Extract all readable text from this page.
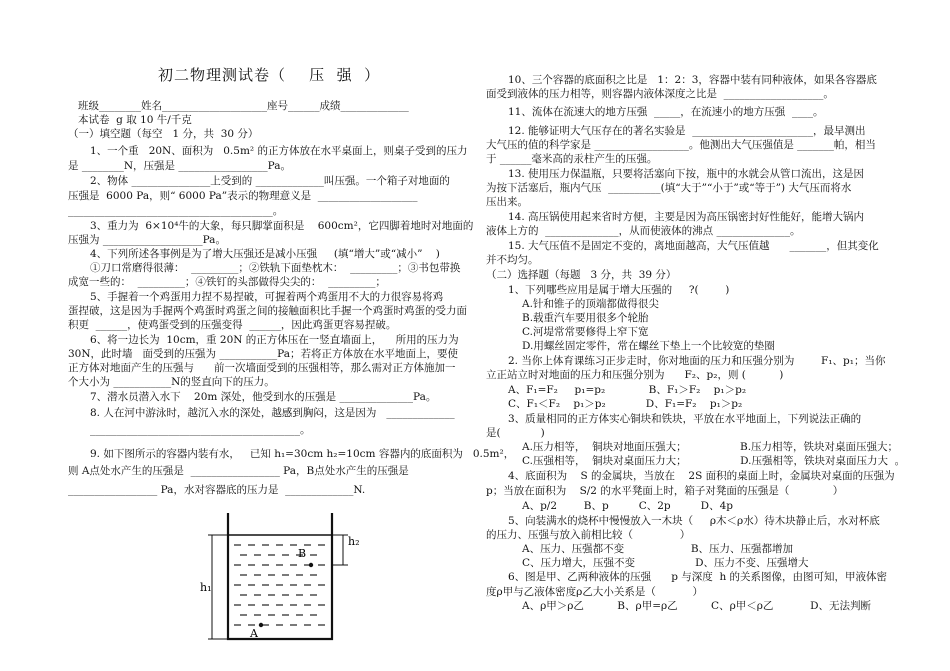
初二物理测试卷（    压  强  ）
班级________姓名____________________座号______成绩_____________
本试卷  g 取 10 牛/千克
（一）填空题（每空   1 分，共  30 分）
1、一个重   20N、面积为   0.5m² 的正方体放在水平桌面上，则桌子受到的压力
是 ________N，压强是 _________________Pa。
2、物体 _______________上受到的 _____________叫压强。一个箱子对地面的
压强是  6000 Pa，则“ 6000 Pa”表示的物理意义是  ___________________
_______________________________________。
3、重力为  6×10⁴牛的大象，每只脚掌面积是    600cm²，它四脚着地时对地面的
压强为 ___________________Pa。
4、下列所述各事例是为了增大压强还是减小压强     (填“增大”或“减小”    )
①刀口常磨得很薄：  _________；②铁轨下面垫枕木：  _________；③书包带换
成宽一些的：  _________；④铁钉的头部做得尖尖的：  _________；
5、手握着一个鸡蛋用力捏不易捏破，可握着两个鸡蛋用不大的力很容易将鸡
蛋捏破，这是因为手握两个鸡蛋时鸡蛋之间的接触面积比手握一个鸡蛋时鸡蛋的受力面
积更  ______，使鸡蛋受到的压强变得  ______，因此鸡蛋更容易捏破。
6、将一边长为  10cm，重 20N 的正方体压在一竖直墙面上，    所用的压力为
30N，此时墙   面受到的压强为 ___________Pa；若将正方体放在水平地面上，要使
正方体对地面产生的压强与      前一次墙面受到的压强相等，那么需对正方体施加一
个大小为 ___________N的竖直向下的压力。
7、潜水员潜入水下    20m 深处，他受到水的压强是 ______________Pa。
8. 人在河中游泳时，越沉入水的深处，越感到胸闷，这是因为   _____________
________________________________________。
9. 如下图所示的容器内装有水，   已知 h₁=30cm h₂=10cm 容器内的底面积为   0.5m²，
则 A点处水产生的压强是  _________________ Pa，B点处水产生的压强是
_________________ Pa，水对容器底的压力是  _____________N.
10、三个容器的底面积之比是   1：2：3，容器中装有同种液体，如果各容器底
面受到液体的压力相等，则容器内液体深度之比是  ___________________。
11、流体在流速大的地方压强  _____，在流速小的地方压强  ____。
12. 能够证明大气压存在的著名实验是  _______________________，最早测出
大气压的值的科学家是 __________________。他测出大气压强值是 _______帕，相当
于 ______毫米高的汞柱产生的压强。
13. 使用压力保温瓶，只要将活塞向下按，瓶中的水就会从管口流出，这是因
为按下活塞后，瓶内气压  __________(填“大于”“小于”或“等于”) 大气压而将水
压出来。
14. 高压锅使用起来省时方便，主要是因为高压锅密封好性能好，能增大锅内
液体上方的  ______________，从而使液体的沸点 ______________。
15. 大气压值不是固定不变的，离地面越高，大气压值越      _______，但其变化
并不均匀。
（二）选择题（每题   3 分，共  39 分）
1、下列哪些应用是属于增大压强的     ?(        )
A.针和锥子的顶端都做得很尖
B.载重汽车要用很多个轮胎
C.河堤常常要修得上窄下宽
D.用螺丝固定零件，常在螺丝下垫上一个比较宽的垫圈
2. 当你上体育课练习正步走时，你对地面的压力和压强分别为        F₁、p₁；当你
立正站立时对地面的压力和压强分别为      F₂、p₂，则 (          )
A、F₁=F₂     p₁=p₂             B、F₁＞F₂    p₁＞p₂
C、F₁＜F₂    p₁＞p₂            D、F₁=F₂    p₁＞p₂
3、质量相同的正方体实心铜块和铁块，平放在水平地面上，下列说法正确的
是(            )
A.压力相等，  铜块对地面压强大；                B.压力相等，铁块对桌面压强大；
C.压强相等，  铜块对桌面压力大；                D.压强相等，铁块对桌面压力大  。
4、底面积为    S 的金属块，当放在    2S 面积的桌面上时，金属块对桌面的压强为
p；当放在面积为    S/2 的水平凳面上时，箱子对凳面的压强是（             ）
A、p/2        B、p         C、2p         D、4p
5、向装满水的烧杯中慢慢放入一木块（     ρ木＜ρ水）待木块静止后，水对杯底
的压力、压强与放入前相比较（              ）
A、压力、压强都不变                    B、压力、压强都增加
C、压力增大，压强不变                  D、压力不变、压强增大
6、图是甲、乙两种液体的压强      p 与深度  h 的关系图像，由图可知，甲液体密
度ρ甲与乙液体密度ρ乙大小关系是（           ）
A、ρ甲＞ρ乙          B、ρ甲=ρ乙          C、ρ甲＜ρ乙           D、无法判断
h₁
h₂
B
A
